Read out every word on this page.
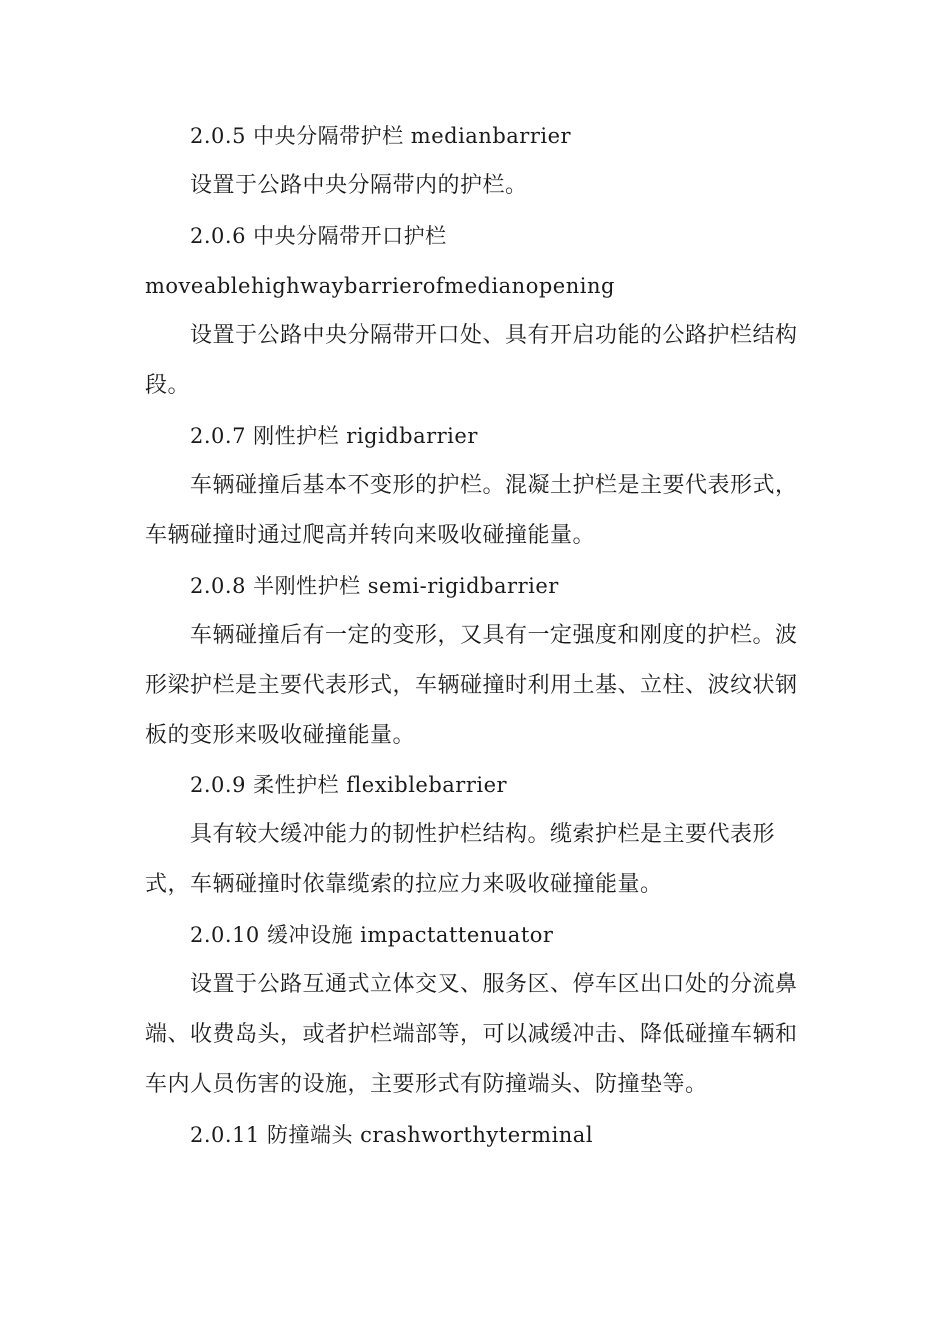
2.0.5 中央分隔带护栏 medianbarrier
设置于公路中央分隔带内的护栏。
2.0.6 中央分隔带开口护栏
moveablehighwaybarrierofmedianopening
设置于公路中央分隔带开口处、具有开启功能的公路护栏结构
段。
2.0.7 刚性护栏 rigidbarrier
车辆碰撞后基本不变形的护栏。混凝土护栏是主要代表形式，
车辆碰撞时通过爬高并转向来吸收碰撞能量。
2.0.8 半刚性护栏 semi-rigidbarrier
车辆碰撞后有一定的变形，又具有一定强度和刚度的护栏。波
形梁护栏是主要代表形式，车辆碰撞时利用土基、立柱、波纹状钢
板的变形来吸收碰撞能量。
2.0.9 柔性护栏 flexiblebarrier
具有较大缓冲能力的韧性护栏结构。缆索护栏是主要代表形
式，车辆碰撞时依靠缆索的拉应力来吸收碰撞能量。
2.0.10 缓冲设施 impactattenuator
设置于公路互通式立体交叉、服务区、停车区出口处的分流鼻
端、收费岛头，或者护栏端部等，可以减缓冲击、降低碰撞车辆和
车内人员伤害的设施，主要形式有防撞端头、防撞垫等。
2.0.11 防撞端头 crashworthyterminal
